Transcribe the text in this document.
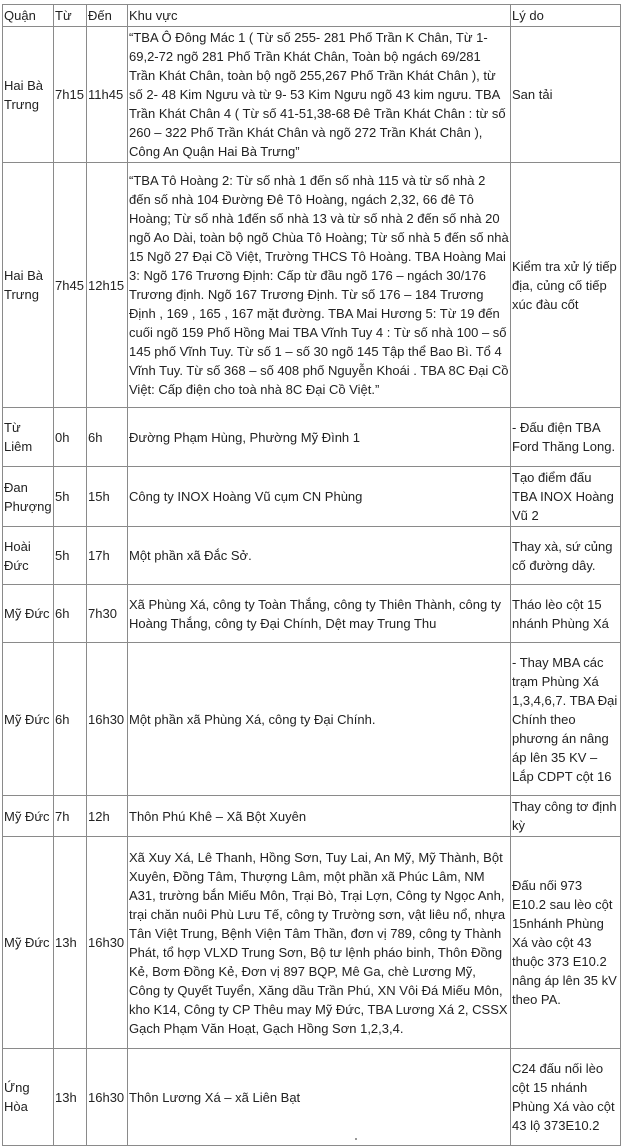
Quận	Từ	Đến	Khu vực	Lý do
Hai Bà Trưng	7h15	11h45	“TBA Ô Đông Mác 1 ( Từ số 255- 281 Phố Trần K Chân, Từ 1-69,2-72 ngõ 281 Phố Trần Khát Chân, Toàn bộ ngách 69/281 Trần Khát Chân, toàn bộ ngõ 255,267 Phố Trần Khát Chân ), từ số 2- 48 Kim Ngưu và từ 9- 53 Kim Ngưu ngõ 43 kim ngưu. TBA Trần Khát Chân 4 ( Từ số 41-51,38-68 Đê Trần Khát Chân : từ số 260 – 322 Phố Trần Khát Chân và ngõ 272 Trần Khát Chân ), Công An Quận Hai Bà Trưng”	San tải
Hai Bà Trưng	7h45	12h15	“TBA Tô Hoàng 2: Từ số nhà 1 đến số nhà 115 và từ số nhà 2 đến số nhà 104 Đường Đê Tô Hoàng, ngách 2,32, 66 đê Tô Hoàng; Từ số nhà 1đến số nhà 13 và từ số nhà 2 đến số nhà 20 ngõ Ao Dài, toàn bộ ngõ Chùa Tô Hoàng; Từ số nhà 5 đến số nhà 15 Ngõ 27 Đại Cồ Việt, Trường THCS Tô Hoàng. TBA Hoàng Mai 3: Ngõ 176 Trương Định: Cấp từ đầu ngõ 176 – ngách 30/176 Trương định. Ngõ 167 Trương Định. Từ số 176 – 184 Trương Định , 169 , 165 , 167 mặt đường. TBA Mai Hương 5: Từ 19 đến cuối ngõ 159 Phố Hồng Mai TBA Vĩnh Tuy 4 : Từ số nhà 100 – số 145 phố Vĩnh Tuy. Từ số 1 – số 30 ngõ 145 Tập thể Bao Bì. Tổ 4 Vĩnh Tuy. Từ số 368 – số 408 phố Nguyễn Khoái . TBA 8C Đại Cồ Việt: Cấp điện cho toà nhà 8C Đại Cồ Việt.”	Kiểm tra xử lý tiếp địa, củng cố tiếp xúc đàu cốt
Từ Liêm	0h	6h	Đường Phạm Hùng, Phường Mỹ Đình 1	- Đấu điện TBA Ford Thăng Long.
Đan Phượng	5h	15h	Công ty INOX Hoàng Vũ cụm CN Phùng	Tạo điểm đấu TBA INOX Hoàng Vũ 2
Hoài Đức	5h	17h	Một phần xã Đắc Sở.	Thay xà, sứ củng cố đường dây.
Mỹ Đức	6h	7h30	Xã Phùng Xá, công ty Toàn Thắng, công ty Thiên Thành, công ty Hoàng Thắng, công ty Đại Chính, Dệt may Trung Thu	Tháo lèo cột 15 nhánh Phùng Xá
Mỹ Đức	6h	16h30	Một phần xã Phùng Xá, công ty Đại Chính.	- Thay MBA các trạm Phùng Xá 1,3,4,6,7. TBA Đại Chính theo phương án nâng áp lên 35 KV – Lắp CDPT cột 16
Mỹ Đức	7h	12h	Thôn Phú Khê – Xã Bột Xuyên	Thay công tơ định kỳ
Mỹ Đức	13h	16h30	Xã Xuy Xá, Lê Thanh, Hồng Sơn, Tuy Lai, An Mỹ, Mỹ Thành, Bột Xuyên, Đồng Tâm, Thượng Lâm, một phần xã Phúc Lâm, NM A31, trường bắn Miếu Môn, Trại Bò, Trại Lợn, Công ty Ngọc Anh, trại chăn nuôi Phù Lưu Tế, công ty Trường sơn, vật liêu nổ, nhựa Tân Việt Trung, Bệnh Viện Tâm Thần, đơn vị 789, công ty Thành Phát, tổ hợp VLXD Trung Sơn, Bộ tư lệnh pháo binh, Thôn Đồng Kẻ, Bơm Đồng Kẻ, Đơn vị 897 BQP, Mê Ga, chè Lương Mỹ, Công ty Quyết Tuyển, Xăng dầu Trần Phú, XN Vôi Đá Miếu Môn, kho K14, Công ty CP Thêu may Mỹ Đức, TBA Lương Xá 2, CSSX Gạch Phạm Văn Hoạt, Gạch Hồng Sơn 1,2,3,4.	Đấu nối 973 E10.2 sau lèo cột 15nhánh Phùng Xá vào cột 43 thuộc 373 E10.2 nâng áp lên 35 kV theo PA.
Ứng Hòa	13h	16h30	Thôn Lương Xá – xã Liên Bạt	C24 đấu nối lèo cột 15 nhánh Phùng Xá vào cột 43 lộ 373E10.2
